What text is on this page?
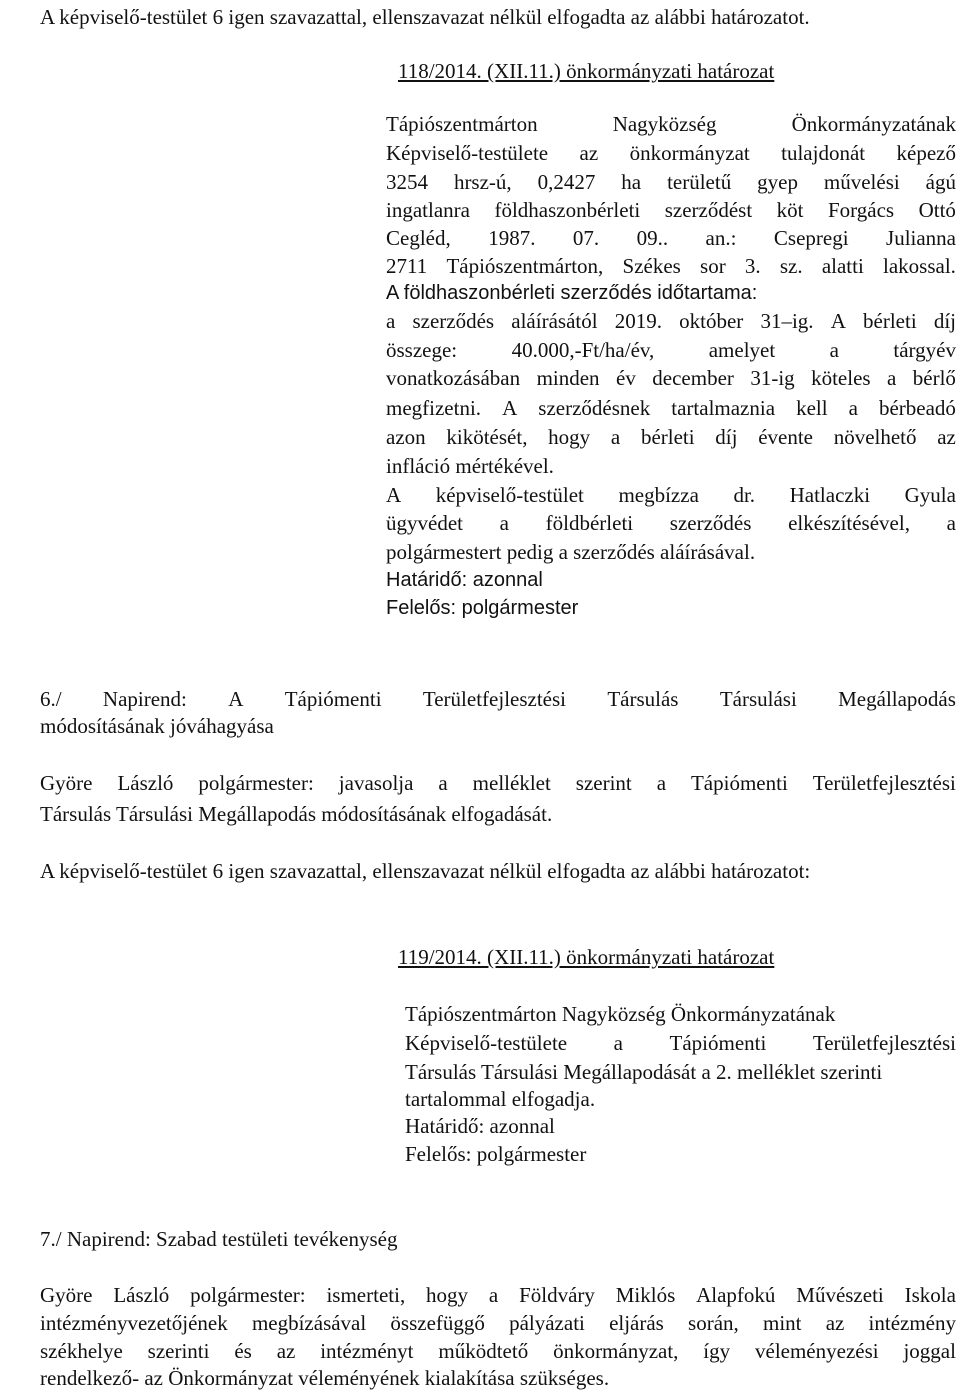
A képviselő-testület 6 igen szavazattal, ellenszavazat nélkül elfogadta az alábbi határozatot.
118/2014. (XII.11.) önkormányzati határozat
Tápiószentmárton	Nagyközség	Önkormányzatának
Képviselő-testülete az önkormányzat tulajdonát képező
3254 hrsz-ú, 0,2427 ha területű gyep művelési ágú
ingatlanra földhaszonbérleti szerződést köt Forgács Ottó
Cegléd, 1987. 07. 09.. an.: Csepregi Julianna
2711 Tápiószentmárton, Székes sor 3. sz. alatti lakossal.
A földhaszonbérleti szerződés időtartama:
a szerződés aláírásától 2019. október 31–ig. A bérleti díj
összege:	40.000,-Ft/ha/év,	amelyet	a	tárgyév
vonatkozásában minden év december 31-ig köteles a bérlő
megfizetni. A szerződésnek tartalmaznia kell a bérbeadó
azon kikötését, hogy a bérleti díj évente növelhető az
infláció mértékével.
A képviselő-testület megbízza dr. Hatlaczki Gyula
ügyvédet a földbérleti szerződés elkészítésével, a
polgármestert pedig a szerződés aláírásával.
Határidő: azonnal
Felelős: polgármester
6./ Napirend: A Tápiómenti Területfejlesztési Társulás Társulási Megállapodás
módosításának jóváhagyása
Györe László polgármester: javasolja a melléklet szerint a Tápiómenti Területfejlesztési
Társulás Társulási Megállapodás módosításának elfogadását.
A képviselő-testület 6 igen szavazattal, ellenszavazat nélkül elfogadta az alábbi határozatot:
119/2014. (XII.11.) önkormányzati határozat
Tápiószentmárton Nagyközség Önkormányzatának
Képviselő-testülete a Tápiómenti Területfejlesztési
Társulás Társulási Megállapodását a 2. melléklet szerinti
tartalommal elfogadja.
Határidő: azonnal
Felelős: polgármester
7./ Napirend: Szabad testületi tevékenység
Györe László polgármester: ismerteti, hogy a Földváry Miklós Alapfokú Művészeti Iskola
intézményvezetőjének megbízásával összefüggő pályázati eljárás során, mint az intézmény
székhelye szerinti és az intézményt működtető önkormányzat, így véleményezési joggal
rendelkező- az Önkormányzat véleményének kialakítása szükséges.
